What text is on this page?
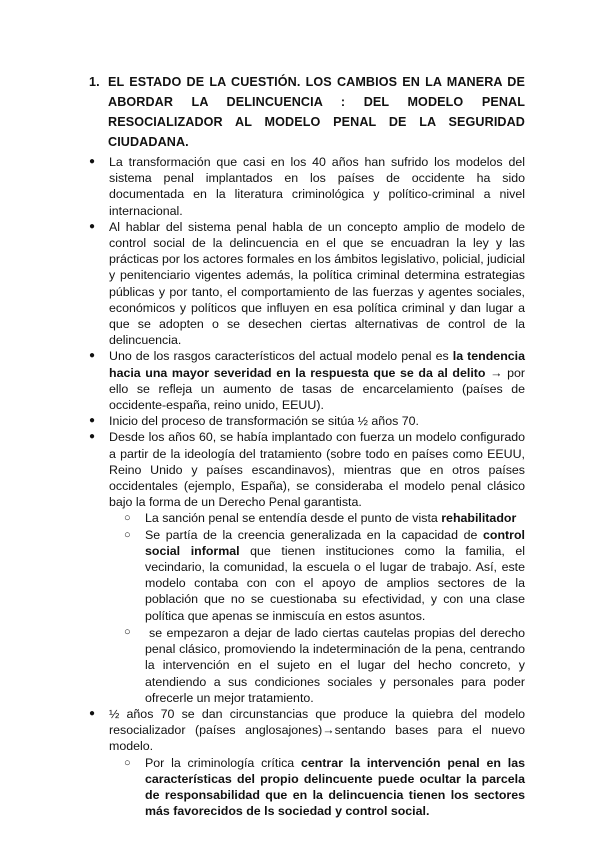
1. EL ESTADO DE LA CUESTIÓN. LOS CAMBIOS EN LA MANERA DE ABORDAR LA DELINCUENCIA : DEL MODELO PENAL RESOCIALIZADOR AL MODELO PENAL DE LA SEGURIDAD CIUDADANA.
● La transformación que casi en los 40 años han sufrido los modelos del sistema penal implantados en los países de occidente ha sido documentada en la literatura criminológica y político-criminal a nivel internacional.
● Al hablar del sistema penal habla de un concepto amplio de modelo de control social de la delincuencia en el que se encuadran la ley y las prácticas por los actores formales en los ámbitos legislativo, policial, judicial y penitenciario vigentes además, la política criminal determina estrategias públicas y por tanto, el comportamiento de las fuerzas y agentes sociales, económicos y políticos que influyen en esa política criminal y dan lugar a que se adopten o se desechen ciertas alternativas de control de la delincuencia.
● Uno de los rasgos característicos del actual modelo penal es la tendencia hacia una mayor severidad en la respuesta que se da al delito → por ello se refleja un aumento de tasas de encarcelamiento (países de occidente-españa, reino unido, EEUU).
● Inicio del proceso de transformación se sitúa ½ años 70.
● Desde los años 60, se había implantado con fuerza un modelo configurado a partir de la ideología del tratamiento (sobre todo en países como EEUU, Reino Unido y países escandinavos), mientras que en otros países occidentales (ejemplo, España), se consideraba el modelo penal clásico bajo la forma de un Derecho Penal garantista.
○ La sanción penal se entendía desde el punto de vista rehabilitador
○ Se partía de la creencia generalizada en la capacidad de control social informal que tienen instituciones como la familia, el vecindario, la comunidad, la escuela o el lugar de trabajo. Así, este modelo contaba con con el apoyo de amplios sectores de la población que no se cuestionaba su efectividad, y con una clase política que apenas se inmiscuía en estos asuntos.
○ se empezaron a dejar de lado ciertas cautelas propias del derecho penal clásico, promoviendo la indeterminación de la pena, centrando la intervención en el sujeto en el lugar del hecho concreto, y atendiendo a sus condiciones sociales y personales para poder ofrecerle un mejor tratamiento.
● ½ años 70 se dan circunstancias que produce la quiebra del modelo resocializador (países anglosajones)→sentando bases para el nuevo modelo.
○ Por la criminología crítica centrar la intervención penal en las características del propio delincuente puede ocultar la parcela de responsabilidad que en la delincuencia tienen los sectores más favorecidos de ls sociedad y control social.
